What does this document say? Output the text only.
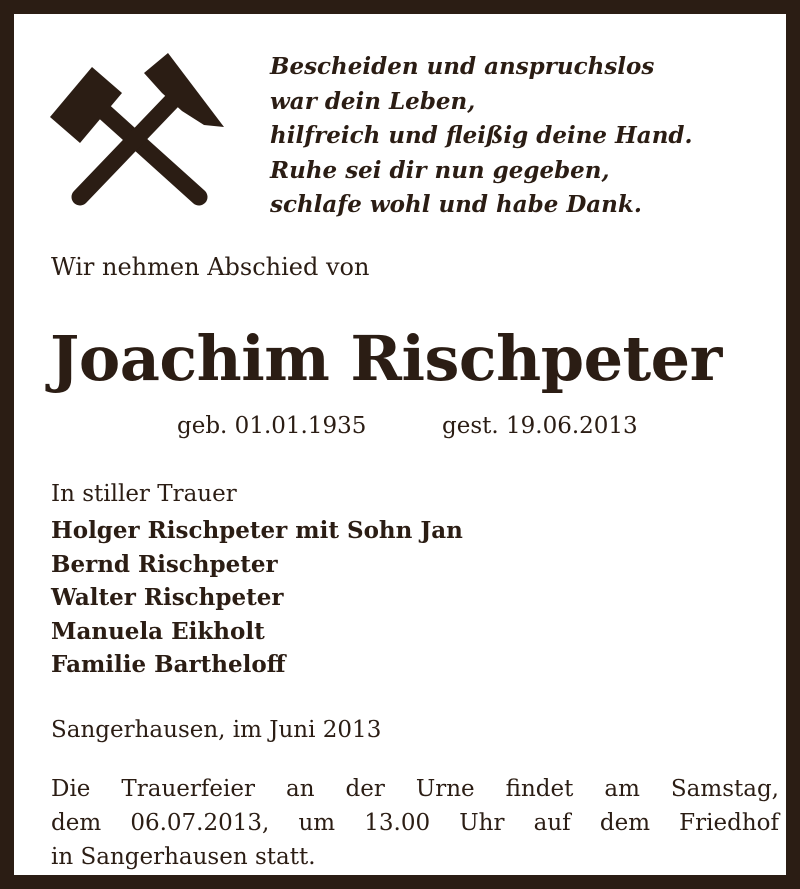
Bescheiden und anspruchslos
war dein Leben,
hilfreich und fleißig deine Hand.
Ruhe sei dir nun gegeben,
schlafe wohl und habe Dank.
Wir nehmen Abschied von
Joachim Rischpeter
geb. 01.01.1935	gest. 19.06.2013
In stiller Trauer
Holger Rischpeter mit Sohn Jan
Bernd Rischpeter
Walter Rischpeter
Manuela Eikholt
Familie Bartheloff
Sangerhausen, im Juni 2013
Die Trauerfeier an der Urne findet am Samstag,
dem 06.07.2013, um 13.00 Uhr auf dem Friedhof
in Sangerhausen statt.
